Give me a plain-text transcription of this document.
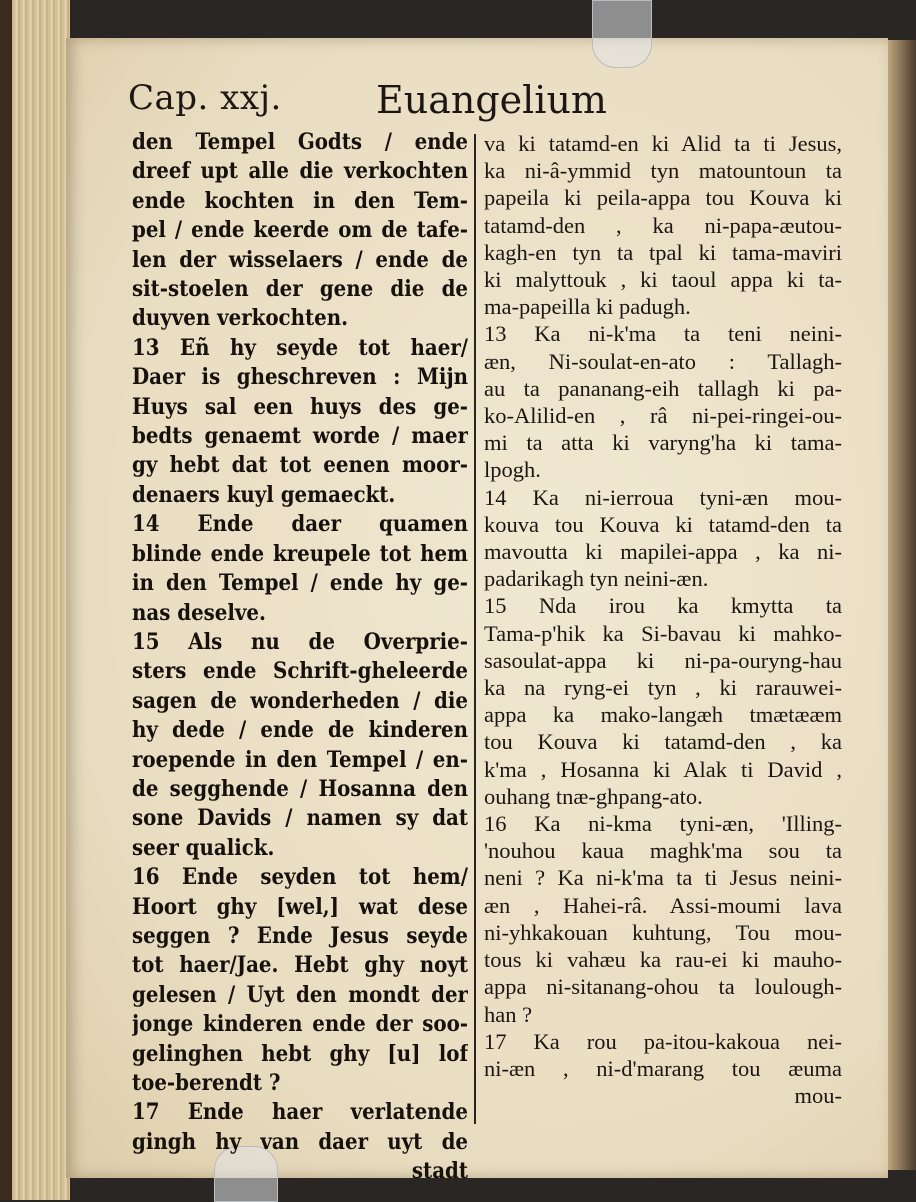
Cap. xxj. Euangelium
den Tempel Godts / ende
dreef upt alle die verkochten
ende kochten in den Tem-
pel / ende keerde om de tafe-
len der wisselaers / ende de
sit-stoelen der gene die de
duyven verkochten.
13 Eñ hy seyde tot haer/
Daer is gheschreven : Mijn
Huys sal een huys des ge-
bedts genaemt worde / maer
gy hebt dat tot eenen moor-
denaers kuyl gemaeckt.
14 Ende daer quamen
blinde ende kreupele tot hem
in den Tempel / ende hy ge-
nas deselve.
15 Als nu de Overprie-
sters ende Schrift-gheleerde
sagen de wonderheden / die
hy dede / ende de kinderen
roepende in den Tempel / en-
de segghende / Hosanna den
sone Davids / namen sy dat
seer qualick.
16 Ende seyden tot hem/
Hoort ghy [wel,] wat dese
seggen ? Ende Jesus seyde
tot haer/Jae. Hebt ghy noyt
gelesen / Uyt den mondt der
jonge kinderen ende der soo-
gelinghen hebt ghy [u] lof
toe-berendt ?
17 Ende haer verlatende
gingh hy van daer uyt de
stadt
va ki tatamd-en ki Alid ta ti Jesus,
ka ni-â-ymmid tyn matountoun ta
papeila ki peila-appa tou Kouva ki
tatamd-den , ka ni-papa-æutou-
kagh-en tyn ta tpal ki tama-maviri
ki malyttouk , ki taoul appa ki ta-
ma-papeilla ki padugh.
13 Ka ni-k'ma ta teni neini-
æn, Ni-soulat-en-ato : Tallagh-
au ta pananang-eih tallagh ki pa-
ko-Alilid-en , râ ni-pei-ringei-ou-
mi ta atta ki varyng'ha ki tama-
lpogh.
14 Ka ni-ierroua tyni-æn mou-
kouva tou Kouva ki tatamd-den ta
mavoutta ki mapilei-appa , ka ni-
padarikagh tyn neini-æn.
15 Nda irou ka kmytta ta
Tama-p'hik ka Si-bavau ki mahko-
sasoulat-appa ki ni-pa-ouryng-hau
ka na ryng-ei tyn , ki rarauwei-
appa ka mako-langæh tmætææm
tou Kouva ki tatamd-den , ka
k'ma , Hosanna ki Alak ti David ,
ouhang tnæ-ghpang-ato.
16 Ka ni-kma tyni-æn, 'Illing-
'nouhou kaua maghk'ma sou ta
neni ? Ka ni-k'ma ta ti Jesus neini-
æn , Hahei-râ. Assi-moumi lava
ni-yhkakouan kuhtung, Tou mou-
tous ki vahæu ka rau-ei ki mauho-
appa ni-sitanang-ohou ta loulough-
han ?
17 Ka rou pa-itou-kakoua nei-
ni-æn , ni-d'marang tou æuma
mou-
